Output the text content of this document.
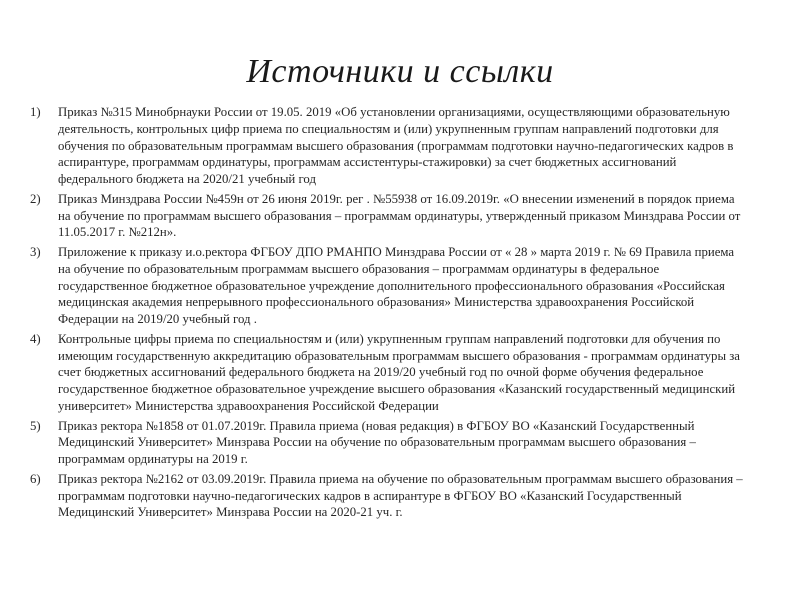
Источники и ссылки
1)	Приказ №315 Минобрнауки России от 19.05. 2019 «Об установлении организациями, осуществляющими образовательную деятельность, контрольных цифр приема по специальностям и (или) укрупненным группам направлений подготовки для обучения по образовательным программам высшего образования (программам подготовки научно-педагогических кадров в аспирантуре, программам ординатуры, программам ассистентуры-стажировки) за счет бюджетных ассигнований федерального бюджета на 2020/21 учебный год
2)	Приказ Минздрава России №459н от 26 июня 2019г. рег . №55938 от 16.09.2019г. «О внесении изменений в порядок приема на обучение по программам высшего образования – программам ординатуры, утвержденный приказом Минздрава России от 11.05.2017 г. №212н».
3)	Приложение к приказу и.о.ректора ФГБОУ ДПО РМАНПО Минздрава России от « 28 » марта 2019 г. № 69 Правила приема на обучение по образовательным программам высшего образования – программам ординатуры в федеральное государственное бюджетное образовательное учреждение дополнительного профессионального образования «Российская медицинская академия непрерывного профессионального образования» Министерства здравоохранения Российской Федерации на 2019/20 учебный год .
4)	Контрольные цифры приема по специальностям и (или) укрупненным группам направлений подготовки для обучения по имеющим государственную аккредитацию образовательным программам высшего образования - программам ординатуры за счет бюджетных ассигнований федерального бюджета на 2019/20 учебный год по очной форме обучения федеральное государственное бюджетное образовательное учреждение высшего образования «Казанский государственный медицинский университет» Министерства здравоохранения Российской Федерации
5)	Приказ ректора №1858 от 01.07.2019г. Правила приема (новая редакция) в ФГБОУ ВО «Казанский Государственный Медицинский Университет» Минзрава России на обучение по образовательным программам высшего образования – программам ординатуры на 2019 г.
6)	Приказ ректора №2162 от 03.09.2019г. Правила приема на обучение по образовательным программам высшего образования – программам подготовки научно-педагогических кадров в аспирантуре в ФГБОУ ВО «Казанский Государственный Медицинский Университет» Минзрава России на 2020-21 уч. г.
